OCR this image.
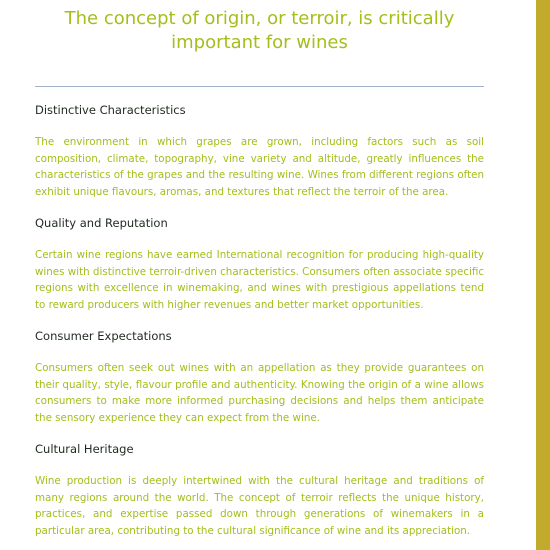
The concept of origin, or terroir, is critically important for wines
Distinctive Characteristics

The environment in which grapes are grown, including factors such as soil composition, climate, topography, vine variety and altitude, greatly influences the characteristics of the grapes and the resulting wine. Wines from different regions often exhibit unique flavours, aromas, and textures that reflect the terroir of the area.

Quality and Reputation

Certain wine regions have earned International recognition for producing high-quality wines with distinctive terroir-driven characteristics. Consumers often associate specific regions with excellence in winemaking, and wines with prestigious appellations tend to reward producers with higher revenues and better market opportunities.

Consumer Expectations

Consumers often seek out wines with an appellation as they provide guarantees on their quality, style, flavour profile and authenticity. Knowing the origin of a wine allows consumers to make more informed purchasing decisions and helps them anticipate the sensory experience they can expect from the wine.

Cultural Heritage

Wine production is deeply intertwined with the cultural heritage and traditions of many regions around the world. The concept of terroir reflects the unique history, practices, and expertise passed down through generations of winemakers in a particular area, contributing to the cultural significance of wine and its appreciation.
